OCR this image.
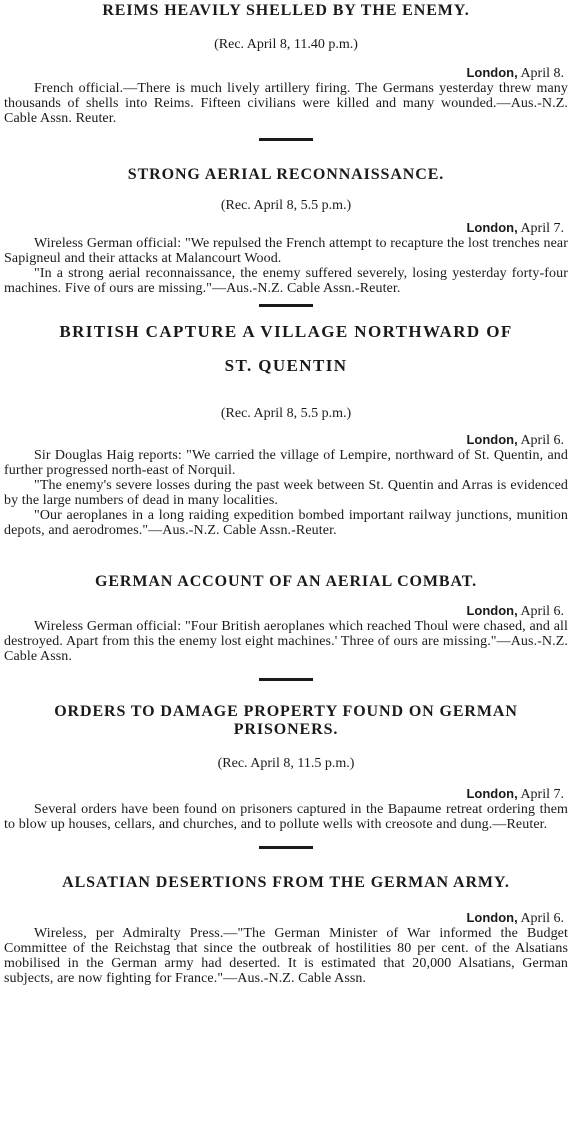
REIMS HEAVILY SHELLED BY THE ENEMY.

(Rec. April 8, 11.40 p.m.)

London, April 8.

French official.—There is much lively artillery firing. The Germans yesterday threw many thousands of shells into Reims. Fifteen civilians were killed and many wounded.—Aus.-N.Z. Cable Assn. Reuter.

STRONG AERIAL RECONNAISSANCE.

(Rec. April 8, 5.5 p.m.)

London, April 7.

Wireless German official: "We repulsed the French attempt to recapture the lost trenches near Sapigneul and their attacks at Malancourt Wood.

"In a strong aerial reconnaissance, the enemy suffered severely, losing yesterday forty-four machines. Five of ours are missing."—Aus.-N.Z. Cable Assn.-Reuter.

BRITISH CAPTURE A VILLAGE NORTHWARD OF
ST. QUENTIN

(Rec. April 8, 5.5 p.m.)

London, April 6.

Sir Douglas Haig reports: "We carried the village of Lempire, northward of St. Quentin, and further progressed north-east of Norquil.

"The enemy's severe losses during the past week between St. Quentin and Arras is evidenced by the large numbers of dead in many localities.

"Our aeroplanes in a long raiding expedition bombed important railway junctions, munition depots, and aerodromes."—Aus.-N.Z. Cable Assn.-Reuter.

GERMAN ACCOUNT OF AN AERIAL COMBAT.

London, April 6.

Wireless German official: "Four British aeroplanes which reached Thoul were chased, and all destroyed. Apart from this the enemy lost eight machines.' Three of ours are missing."—Aus.-N.Z. Cable Assn.

ORDERS TO DAMAGE PROPERTY FOUND ON GERMAN
PRISONERS.

(Rec. April 8, 11.5 p.m.)

London, April 7.

Several orders have been found on prisoners captured in the Bapaume retreat ordering them to blow up houses, cellars, and churches, and to pollute wells with creosote and dung.—Reuter.

ALSATIAN DESERTIONS FROM THE GERMAN ARMY.

London, April 6.

Wireless, per Admiralty Press.—"The German Minister of War informed the Budget Committee of the Reichstag that since the outbreak of hostilities 80 per cent. of the Alsatians mobilised in the German army had deserted. It is estimated that 20,000 Alsatians, German subjects, are now fighting for France."—Aus.-N.Z. Cable Assn.
